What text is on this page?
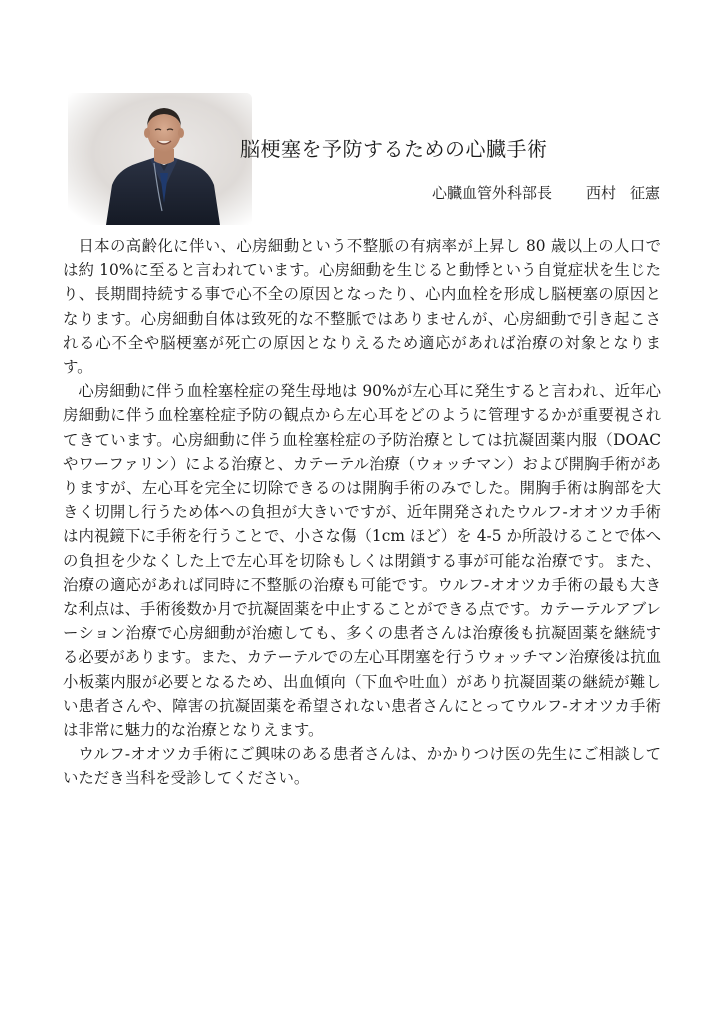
脳梗塞を予防するための心臓手術
心臓血管外科部長 西村 征憲

日本の高齢化に伴い、心房細動という不整脈の有病率が上昇し 80 歳以上の人口では約 10%に至ると言われています。心房細動を生じると動悸という自覚症状を生じたり、長期間持続する事で心不全の原因となったり、心内血栓を形成し脳梗塞の原因となります。心房細動自体は致死的な不整脈ではありませんが、心房細動で引き起こされる心不全や脳梗塞が死亡の原因となりえるため適応があれば治療の対象となります。

心房細動に伴う血栓塞栓症の発生母地は 90%が左心耳に発生すると言われ、近年心房細動に伴う血栓塞栓症予防の観点から左心耳をどのように管理するかが重要視されてきています。心房細動に伴う血栓塞栓症の予防治療としては抗凝固薬内服（DOAC やワーファリン）による治療と、カテーテル治療（ウォッチマン）および開胸手術がありますが、左心耳を完全に切除できるのは開胸手術のみでした。開胸手術は胸部を大きく切開し行うため体への負担が大きいですが、近年開発されたウルフ-オオツカ手術は内視鏡下に手術を行うことで、小さな傷（1cm ほど）を 4-5 か所設けることで体への負担を少なくした上で左心耳を切除もしくは閉鎖する事が可能な治療です。また、治療の適応があれば同時に不整脈の治療も可能です。ウルフ-オオツカ手術の最も大きな利点は、手術後数か月で抗凝固薬を中止することができる点です。カテーテルアブレーション治療で心房細動が治癒しても、多くの患者さんは治療後も抗凝固薬を継続する必要があります。また、カテーテルでの左心耳閉塞を行うウォッチマン治療後は抗血小板薬内服が必要となるため、出血傾向（下血や吐血）があり抗凝固薬の継続が難しい患者さんや、障害の抗凝固薬を希望されない患者さんにとってウルフ-オオツカ手術は非常に魅力的な治療となりえます。

ウルフ-オオツカ手術にご興味のある患者さんは、かかりつけ医の先生にご相談していただき当科を受診してください。
